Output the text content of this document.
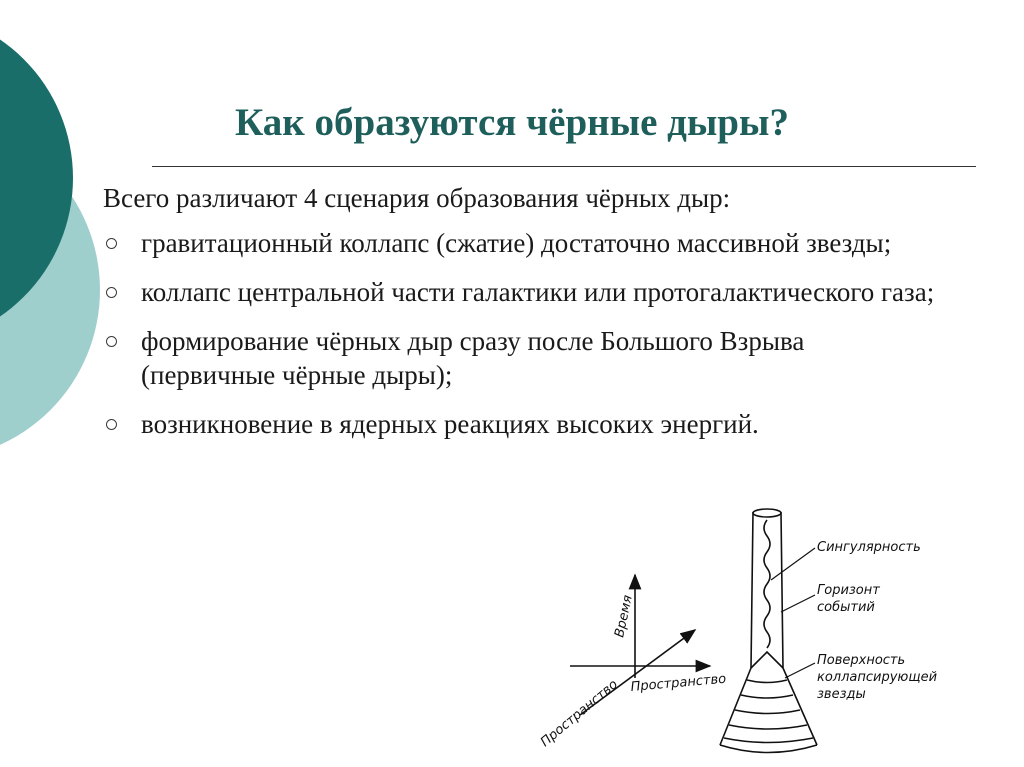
Как образуются чёрные дыры?
Всего различают 4 сценария образования чёрных дыр:
гравитационный коллапс (сжатие) достаточно массивной звезды;
коллапс центральной части галактики или протогалактического газа;
формирование чёрных дыр сразу после Большого Взрыва (первичные чёрные дыры);
возникновение в ядерных реакциях высоких энергий.
Время
Пространство
Пространство
Сингулярность
Горизонт
событий
Поверхность
коллапсирующей
звезды
